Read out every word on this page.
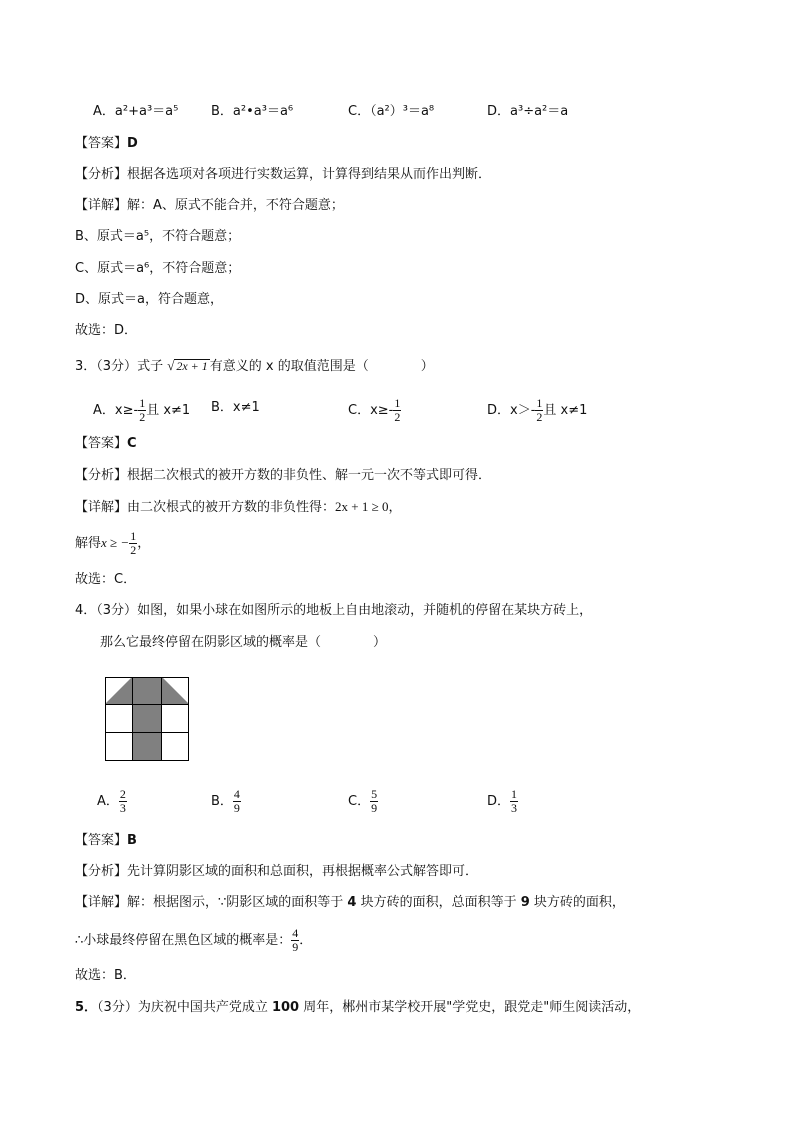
A．a²+a³＝a⁵	B．a²•a³＝a⁶	C．（a²）³＝a⁸	D．a³÷a²＝a
【答案】D
【分析】根据各选项对各项进行实数运算，计算得到结果从而作出判断．
【详解】解：A、原式不能合并，不符合题意；
B、原式＝a⁵，不符合题意；
C、原式＝a⁶，不符合题意；
D、原式＝a，符合题意，
故选：D．
3．（3分）式子 √ 2x + 1 有意义的 x 的取值范围是（　　　　）
A．$x\ge- \frac{1}{2}$ 且 x≠1 B．x≠1	C．$x\ge- \frac{1}{2}$	D．$x>- \frac{1}{2}$ 且 x≠1
【答案】C
【分析】根据二次根式的被开方数的非负性、解一元一次不等式即可得．
【详解】由二次根式的被开方数的非负性得：2x + 1 ≥ 0，
解得x ≥ − $\frac{1}{2}$ ，
故选：C．
4．（3分）如图，如果小球在如图所示的地板上自由地滚动，并随机的停留在某块方砖上，
那么它最终停留在阴影区域的概率是（　　　　）
A． $\frac{2}{3}$	B． $\frac{4}{9}$	C． $\frac{5}{9}$	D． $\frac{1}{3}$
【答案】B
【分析】先计算阴影区域的面积和总面积，再根据概率公式解答即可．
【详解】解：根据图示，∵阴影区域的面积等于 4 块方砖的面积，总面积等于 9 块方砖的面积，
∴小球最终停留在黑色区域的概率是： $\frac{4}{9}$ ．
故选：B．
5．（3分）为庆祝中国共产党成立 100 周年，郴州市某学校开展"学党史，跟党走"师生阅读活动，
